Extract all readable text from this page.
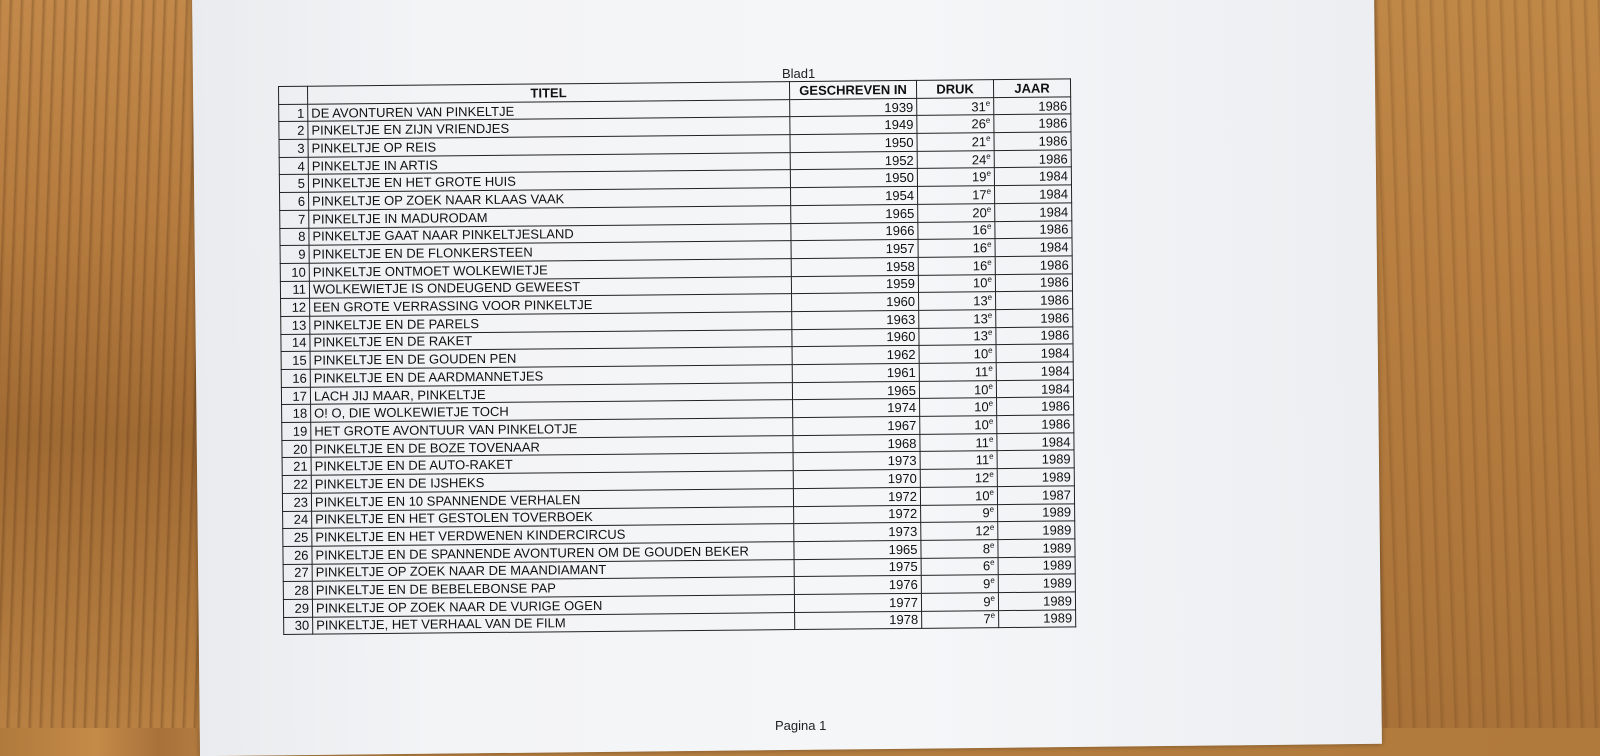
Blad1
	TITEL	GESCHREVEN IN	DRUK	JAAR
1	DE AVONTUREN VAN PINKELTJE	1939	31e	1986
2	PINKELTJE EN ZIJN VRIENDJES	1949	26e	1986
3	PINKELTJE OP REIS	1950	21e	1986
4	PINKELTJE IN ARTIS	1952	24e	1986
5	PINKELTJE EN HET GROTE HUIS	1950	19e	1984
6	PINKELTJE OP ZOEK NAAR KLAAS VAAK	1954	17e	1984
7	PINKELTJE IN MADURODAM	1965	20e	1984
8	PINKELTJE GAAT NAAR PINKELTJESLAND	1966	16e	1986
9	PINKELTJE EN DE FLONKERSTEEN	1957	16e	1984
10	PINKELTJE ONTMOET WOLKEWIETJE	1958	16e	1986
11	WOLKEWIETJE IS ONDEUGEND GEWEEST	1959	10e	1986
12	EEN GROTE VERRASSING VOOR PINKELTJE	1960	13e	1986
13	PINKELTJE EN DE PARELS	1963	13e	1986
14	PINKELTJE EN DE RAKET	1960	13e	1986
15	PINKELTJE EN DE GOUDEN PEN	1962	10e	1984
16	PINKELTJE EN DE AARDMANNETJES	1961	11e	1984
17	LACH JIJ MAAR, PINKELTJE	1965	10e	1984
18	O! O, DIE WOLKEWIETJE TOCH	1974	10e	1986
19	HET GROTE AVONTUUR VAN PINKELOTJE	1967	10e	1986
20	PINKELTJE EN DE BOZE TOVENAAR	1968	11e	1984
21	PINKELTJE EN DE AUTO-RAKET	1973	11e	1989
22	PINKELTJE EN DE IJSHEKS	1970	12e	1989
23	PINKELTJE EN 10 SPANNENDE VERHALEN	1972	10e	1987
24	PINKELTJE EN HET GESTOLEN TOVERBOEK	1972	9e	1989
25	PINKELTJE EN HET VERDWENEN KINDERCIRCUS	1973	12e	1989
26	PINKELTJE EN DE SPANNENDE AVONTUREN OM DE GOUDEN BEKER	1965	8e	1989
27	PINKELTJE OP ZOEK NAAR DE MAANDIAMANT	1975	6e	1989
28	PINKELTJE EN DE BEBELEBONSE PAP	1976	9e	1989
29	PINKELTJE OP ZOEK NAAR DE VURIGE OGEN	1977	9e	1989
30	PINKELTJE, HET VERHAAL VAN DE FILM	1978	7e	1989
Pagina 1
